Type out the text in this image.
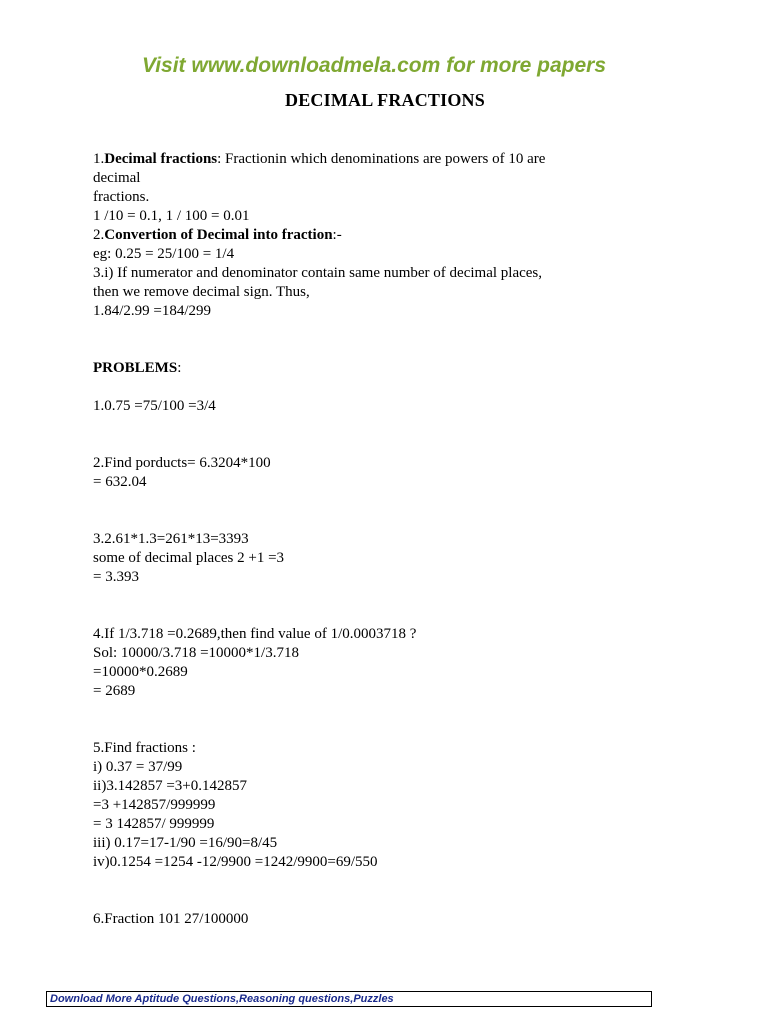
Visit www.downloadmela.com for more papers
DECIMAL FRACTIONS
1.Decimal fractions: Fractionin which denominations are powers of 10 are
decimal
fractions.
1 /10 = 0.1, 1 / 100 = 0.01
2.Convertion of Decimal into fraction:-
eg: 0.25 = 25/100 = 1/4
3.i) If numerator and denominator contain same number of decimal places,
then we remove decimal sign. Thus,
1.84/2.99 =184/299
PROBLEMS:
1.0.75 =75/100 =3/4
2.Find porducts= 6.3204*100
= 632.04
3.2.61*1.3=261*13=3393
some of decimal places 2 +1 =3
= 3.393
4.If 1/3.718 =0.2689,then find value of 1/0.0003718 ?
Sol: 10000/3.718 =10000*1/3.718
=10000*0.2689
= 2689
5.Find fractions :
i) 0.37 = 37/99
ii)3.142857 =3+0.142857
=3 +142857/999999
= 3 142857/ 999999
iii) 0.17=17-1/90 =16/90=8/45
iv)0.1254 =1254 -12/9900 =1242/9900=69/550
6.Fraction 101 27/100000
Download More Aptitude Questions,Reasoning questions,Puzzles
